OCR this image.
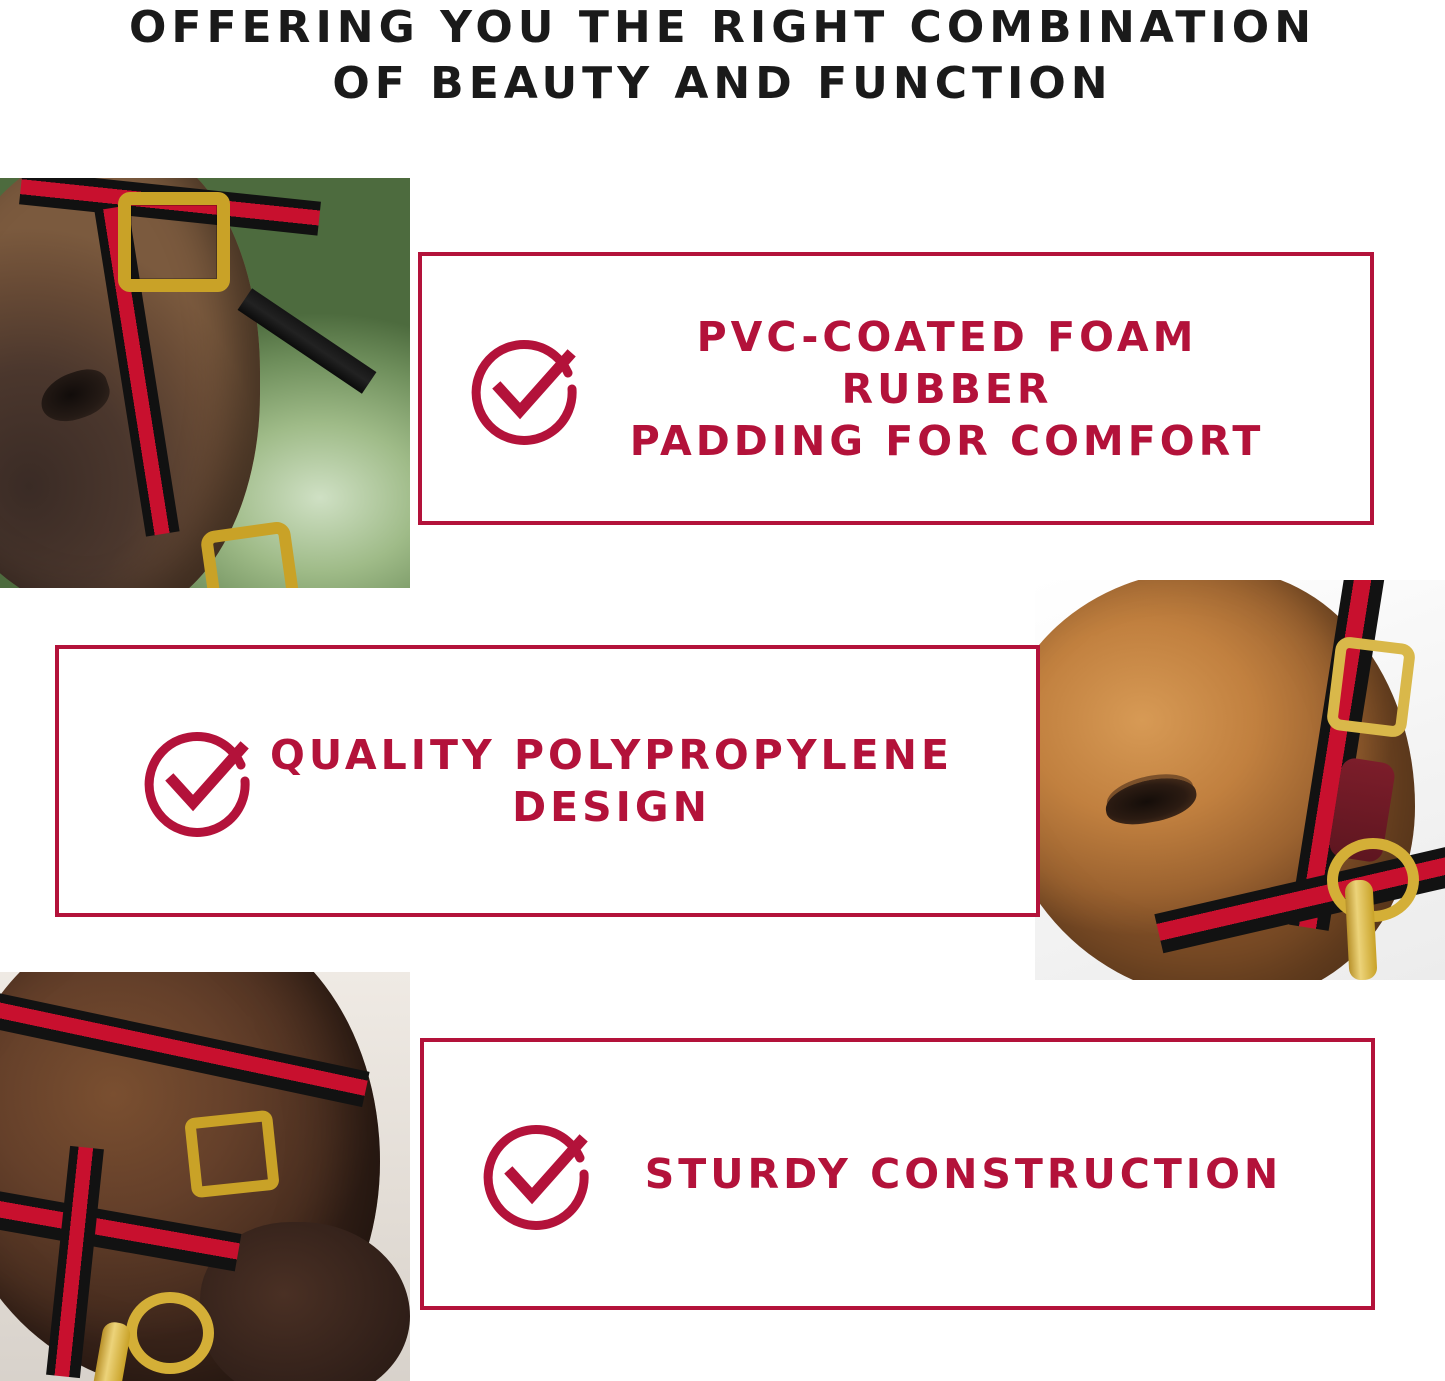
OFFERING YOU THE RIGHT COMBINATION
OF BEAUTY AND FUNCTION
PVC-COATED FOAM RUBBER
PADDING FOR COMFORT
QUALITY POLYPROPYLENE
DESIGN
STURDY CONSTRUCTION
